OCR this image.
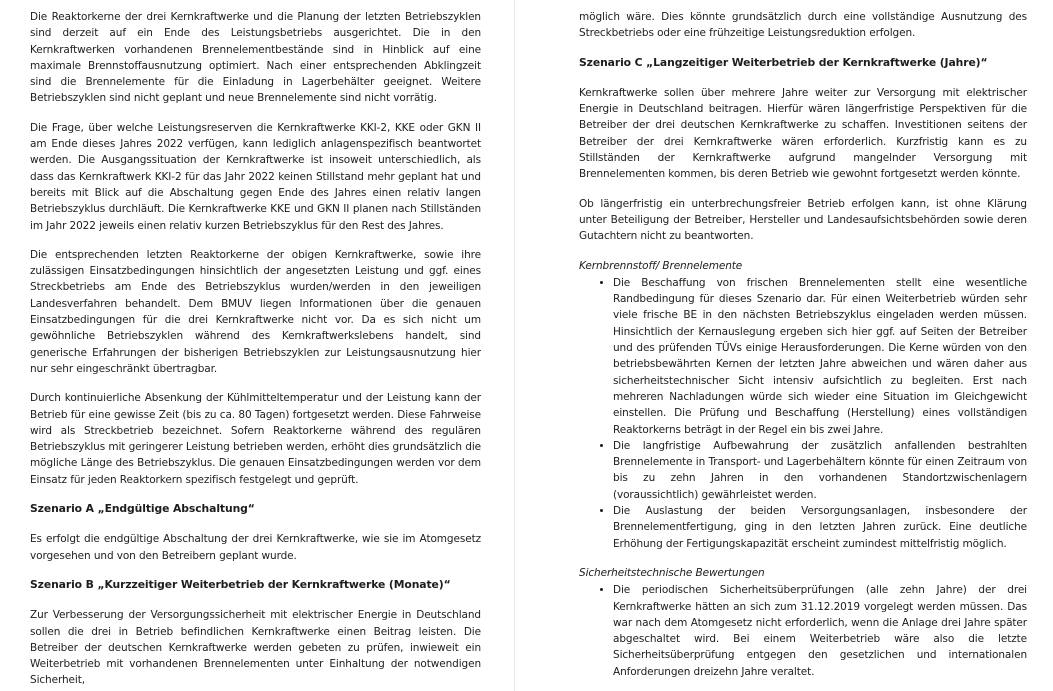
Die Reaktorkerne der drei Kernkraftwerke und die Planung der letzten Betriebszyklen sind derzeit auf ein Ende des Leistungsbetriebs ausgerichtet. Die in den Kernkraftwerken vorhandenen Brennelementbestände sind in Hinblick auf eine maximale Brennstoffausnutzung optimiert. Nach einer entsprechenden Abklingzeit sind die Brennelemente für die Einladung in Lagerbehälter geeignet. Weitere Betriebszyklen sind nicht geplant und neue Brennelemente sind nicht vorrätig.

Die Frage, über welche Leistungsreserven die Kernkraftwerke KKI-2, KKE oder GKN II am Ende dieses Jahres 2022 verfügen, kann lediglich anlagenspezifisch beantwortet werden. Die Ausgangssituation der Kernkraftwerke ist insoweit unterschiedlich, als dass das Kernkraftwerk KKI-2 für das Jahr 2022 keinen Stillstand mehr geplant hat und bereits mit Blick auf die Abschaltung gegen Ende des Jahres einen relativ langen Betriebszyklus durchläuft. Die Kernkraftwerke KKE und GKN II planen nach Stillständen im Jahr 2022 jeweils einen relativ kurzen Betriebszyklus für den Rest des Jahres.

Die entsprechenden letzten Reaktorkerne der obigen Kernkraftwerke, sowie ihre zulässigen Einsatzbedingungen hinsichtlich der angesetzten Leistung und ggf. eines Streckbetriebs am Ende des Betriebszyklus wurden/werden in den jeweiligen Landesverfahren behandelt. Dem BMUV liegen Informationen über die genauen Einsatzbedingungen für die drei Kernkraftwerke nicht vor. Da es sich nicht um gewöhnliche Betriebszyklen während des Kernkraftwerkslebens handelt, sind generische Erfahrungen der bisherigen Betriebszyklen zur Leistungsausnutzung hier nur sehr eingeschränkt übertragbar.

Durch kontinuierliche Absenkung der Kühlmitteltemperatur und der Leistung kann der Betrieb für eine gewisse Zeit (bis zu ca. 80 Tagen) fortgesetzt werden. Diese Fahrweise wird als Streckbetrieb bezeichnet. Sofern Reaktorkerne während des regulären Betriebszyklus mit geringerer Leistung betrieben werden, erhöht dies grundsätzlich die mögliche Länge des Betriebszyklus. Die genauen Einsatzbedingungen werden vor dem Einsatz für jeden Reaktorkern spezifisch festgelegt und geprüft.

Szenario A „Endgültige Abschaltung“

Es erfolgt die endgültige Abschaltung der drei Kernkraftwerke, wie sie im Atomgesetz vorgesehen und von den Betreibern geplant wurde.

Szenario B „Kurzzeitiger Weiterbetrieb der Kernkraftwerke (Monate)“

Zur Verbesserung der Versorgungssicherheit mit elektrischer Energie in Deutschland sollen die drei in Betrieb befindlichen Kernkraftwerke einen Beitrag leisten. Die Betreiber der deutschen Kernkraftwerke werden gebeten zu prüfen, inwieweit ein Weiterbetrieb mit vorhandenen Brennelementen unter Einhaltung der notwendigen Sicherheit,

möglich wäre. Dies könnte grundsätzlich durch eine vollständige Ausnutzung des Streckbetriebs oder eine frühzeitige Leistungsreduktion erfolgen.

Szenario C „Langzeitiger Weiterbetrieb der Kernkraftwerke (Jahre)“

Kernkraftwerke sollen über mehrere Jahre weiter zur Versorgung mit elektrischer Energie in Deutschland beitragen. Hierfür wären längerfristige Perspektiven für die Betreiber der drei deutschen Kernkraftwerke zu schaffen. Investitionen seitens der Betreiber der drei Kernkraftwerke wären erforderlich. Kurzfristig kann es zu Stillständen der Kernkraftwerke aufgrund mangelnder Versorgung mit Brennelementen kommen, bis deren Betrieb wie gewohnt fortgesetzt werden könnte.

Ob längerfristig ein unterbrechungsfreier Betrieb erfolgen kann, ist ohne Klärung unter Beteiligung der Betreiber, Hersteller und Landesaufsichtsbehörden sowie deren Gutachtern nicht zu beantworten.

Kernbrennstoff/ Brennelemente

• Die Beschaffung von frischen Brennelementen stellt eine wesentliche Randbedingung für dieses Szenario dar. Für einen Weiterbetrieb würden sehr viele frische BE in den nächsten Betriebszyklus eingeladen werden müssen. Hinsichtlich der Kernauslegung ergeben sich hier ggf. auf Seiten der Betreiber und des prüfenden TÜVs einige Herausforderungen. Die Kerne würden von den betriebsbewährten Kernen der letzten Jahre abweichen und wären daher aus sicherheitstechnischer Sicht intensiv aufsichtlich zu begleiten. Erst nach mehreren Nachladungen würde sich wieder eine Situation im Gleichgewicht einstellen. Die Prüfung und Beschaffung (Herstellung) eines vollständigen Reaktorkerns beträgt in der Regel ein bis zwei Jahre.
• Die langfristige Aufbewahrung der zusätzlich anfallenden bestrahlten Brennelemente in Transport- und Lagerbehältern könnte für einen Zeitraum von bis zu zehn Jahren in den vorhandenen Standortzwischenlagern (voraussichtlich) gewährleistet werden.
• Die Auslastung der beiden Versorgungsanlagen, insbesondere der Brennelementfertigung, ging in den letzten Jahren zurück. Eine deutliche Erhöhung der Fertigungskapazität erscheint zumindest mittelfristig möglich.

Sicherheitstechnische Bewertungen

• Die periodischen Sicherheitsüberprüfungen (alle zehn Jahre) der drei Kernkraftwerke hätten an sich zum 31.12.2019 vorgelegt werden müssen. Das war nach dem Atomgesetz nicht erforderlich, wenn die Anlage drei Jahre später abgeschaltet wird. Bei einem Weiterbetrieb wäre also die letzte Sicherheitsüberprüfung entgegen den gesetzlichen und internationalen Anforderungen dreizehn Jahre veraltet.
